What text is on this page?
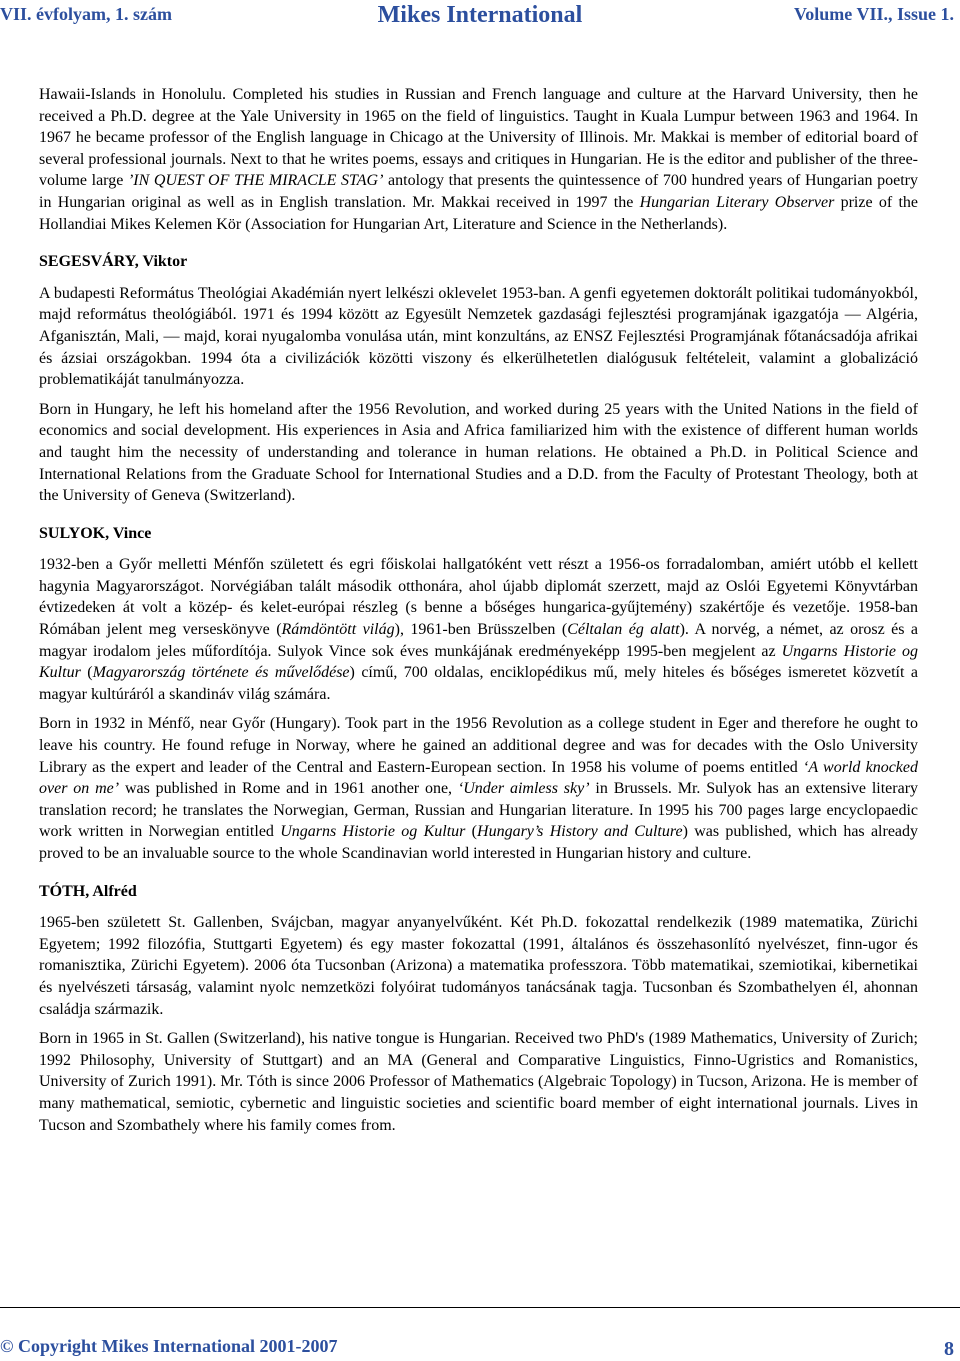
VII. évfolyam, 1. szám	Mikes International	Volume VII., Issue 1.

Hawaii-Islands in Honolulu. Completed his studies in Russian and French language and culture at the Harvard University, then he received a Ph.D. degree at the Yale University in 1965 on the field of linguistics. Taught in Kuala Lumpur between 1963 and 1964. In 1967 he became professor of the English language in Chicago at the University of Illinois. Mr. Makkai is member of editorial board of several professional journals. Next to that he writes poems, essays and critiques in Hungarian. He is the editor and publisher of the three-volume large ’IN QUEST OF THE MIRACLE STAG’ antology that presents the quintessence of 700 hundred years of Hungarian poetry in Hungarian original as well as in English translation. Mr. Makkai received in 1997 the Hungarian Literary Observer prize of the Hollandiai Mikes Kelemen Kör (Association for Hungarian Art, Literature and Science in the Netherlands).

SEGESVÁRY, Viktor

A budapesti Református Theológiai Akadémián nyert lelkészi oklevelet 1953-ban. A genfi egyetemen doktorált politikai tudományokból, majd református theológiából. 1971 és 1994 között az Egyesült Nemzetek gazdasági fejlesztési programjának igazgatója — Algéria, Afganisztán, Mali, — majd, korai nyugalomba vonulása után, mint konzultáns, az ENSZ Fejlesztési Programjának főtanácsadója afrikai és ázsiai országokban. 1994 óta a civilizációk közötti viszony és elkerülhetetlen dialógusuk feltételeit, valamint a globalizáció problematikáját tanulmányozza.

Born in Hungary, he left his homeland after the 1956 Revolution, and worked during 25 years with the United Nations in the field of economics and social development. His experiences in Asia and Africa familiarized him with the existence of different human worlds and taught him the necessity of understanding and tolerance in human relations. He obtained a Ph.D. in Political Science and International Relations from the Graduate School for International Studies and a D.D. from the Faculty of Protestant Theology, both at the University of Geneva (Switzerland).

SULYOK, Vince

1932-ben a Győr melletti Ménfőn született és egri főiskolai hallgatóként vett részt a 1956-os forradalomban, amiért utóbb el kellett hagynia Magyarországot. Norvégiában talált második otthonára, ahol újabb diplomát szerzett, majd az Oslói Egyetemi Könyvtárban évtizedeken át volt a közép- és kelet-európai részleg (s benne a bőséges hungarica-gyűjtemény) szakértője és vezetője. 1958-ban Rómában jelent meg verseskönyve (Rámdöntött világ), 1961-ben Brüsszelben (Céltalan ég alatt). A norvég, a német, az orosz és a magyar irodalom jeles műfordítója. Sulyok Vince sok éves munkájának eredményeképp 1995-ben megjelent az Ungarns Historie og Kultur (Magyarország története és művelődése) című, 700 oldalas, enciklopédikus mű, mely hiteles és bőséges ismeretet közvetít a magyar kultúráról a skandináv világ számára.

Born in 1932 in Ménfő, near Győr (Hungary). Took part in the 1956 Revolution as a college student in Eger and therefore he ought to leave his country. He found refuge in Norway, where he gained an additional degree and was for decades with the Oslo University Library as the expert and leader of the Central and Eastern-European section. In 1958 his volume of poems entitled ‘A world knocked over on me’ was published in Rome and in 1961 another one, ‘Under aimless sky’ in Brussels. Mr. Sulyok has an extensive literary translation record; he translates the Norwegian, German, Russian and Hungarian literature. In 1995 his 700 pages large encyclopaedic work written in Norwegian entitled Ungarns Historie og Kultur (Hungary’s History and Culture) was published, which has already proved to be an invaluable source to the whole Scandinavian world interested in Hungarian history and culture.

TÓTH, Alfréd

1965-ben született St. Gallenben, Svájcban, magyar anyanyelvűként. Két Ph.D. fokozattal rendelkezik (1989 matematika, Zürichi Egyetem; 1992 filozófia, Stuttgarti Egyetem) és egy master fokozattal (1991, általános és összehasonlító nyelvészet, finn-ugor és romanisztika, Zürichi Egyetem). 2006 óta Tucsonban (Arizona) a matematika professzora. Több matematikai, szemiotikai, kibernetikai és nyelvészeti társaság, valamint nyolc nemzetközi folyóirat tudományos tanácsának tagja. Tucsonban és Szombathelyen él, ahonnan családja származik.

Born in 1965 in St. Gallen (Switzerland), his native tongue is Hungarian. Received two PhD's (1989 Mathematics, University of Zurich; 1992 Philosophy, University of Stuttgart) and an MA (General and Comparative Linguistics, Finno-Ugristics and Romanistics, University of Zurich 1991). Mr. Tóth is since 2006 Professor of Mathematics (Algebraic Topology) in Tucson, Arizona. He is member of many mathematical, semiotic, cybernetic and linguistic societies and scientific board member of eight international journals. Lives in Tucson and Szombathely where his family comes from.

© Copyright Mikes International 2001-2007	8
